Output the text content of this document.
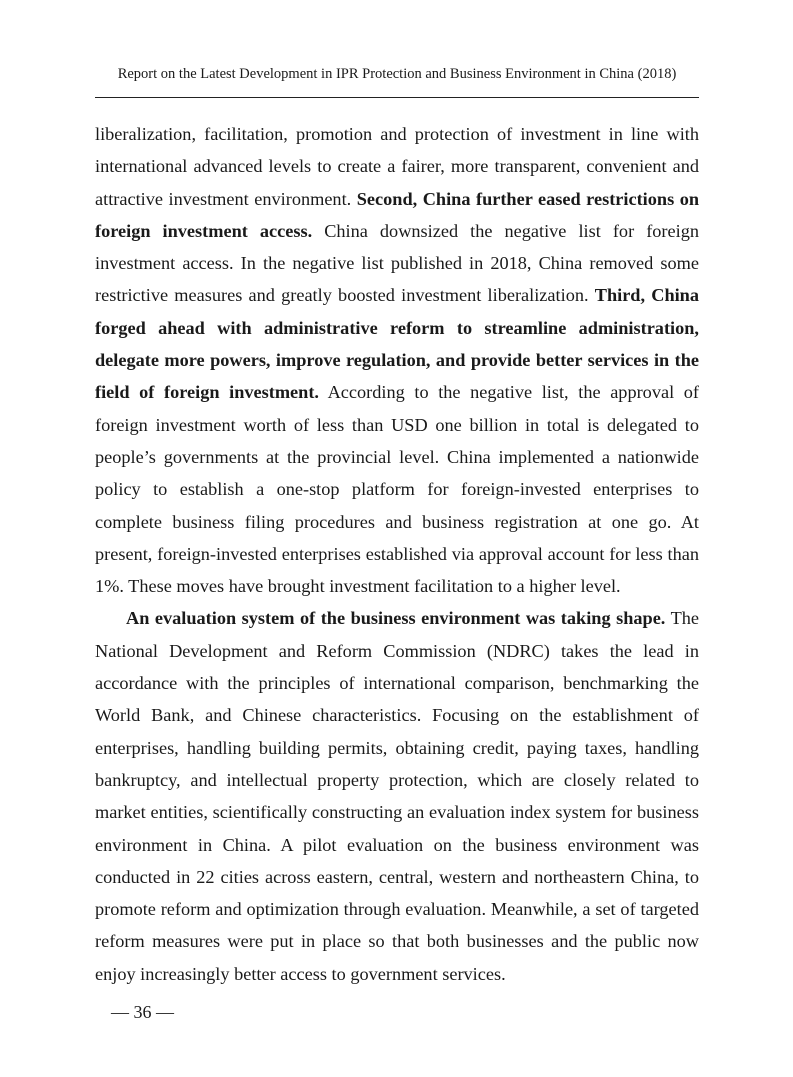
Report on the Latest Development in IPR Protection and Business Environment in China (2018)

liberalization, facilitation, promotion and protection of investment in line with international advanced levels to create a fairer, more transparent, convenient and attractive investment environment. Second, China further eased restrictions on foreign investment access. China downsized the negative list for foreign investment access. In the negative list published in 2018, China removed some restrictive measures and greatly boosted investment liberalization. Third, China forged ahead with administrative reform to streamline administration, delegate more powers, improve regulation, and provide better services in the field of foreign investment. According to the negative list, the approval of foreign investment worth of less than USD one billion in total is delegated to people’s governments at the provincial level. China implemented a nationwide policy to establish a one-stop platform for foreign-invested enterprises to complete business filing procedures and business registration at one go. At present, foreign-invested enterprises established via approval account for less than 1%. These moves have brought investment facilitation to a higher level.

An evaluation system of the business environment was taking shape. The National Development and Reform Commission (NDRC) takes the lead in accordance with the principles of international comparison, benchmarking the World Bank, and Chinese characteristics. Focusing on the establishment of enterprises, handling building permits, obtaining credit, paying taxes, handling bankruptcy, and intellectual property protection, which are closely related to market entities, scientifically constructing an evaluation index system for business environment in China. A pilot evaluation on the business environment was conducted in 22 cities across eastern, central, western and northeastern China, to promote reform and optimization through evaluation. Meanwhile, a set of targeted reform measures were put in place so that both businesses and the public now enjoy increasingly better access to government services.

— 36 —
